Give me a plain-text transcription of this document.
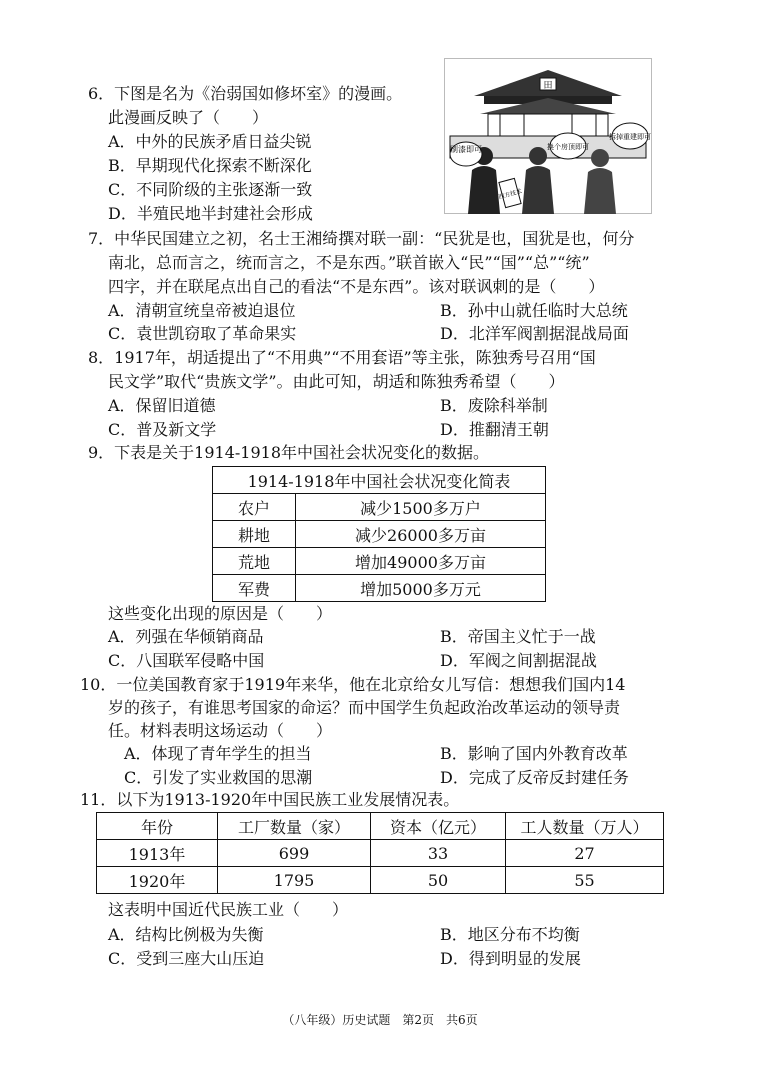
6．下图是名为《治弱国如修坏室》的漫画。
此漫画反映了（　　）
A．中外的民族矛盾日益尖锐
B．早期现代化探索不断深化
C．不同阶级的主张逐渐一致
D．半殖民地半封建社会形成
田
刷漆即可	换个房顶即可
拆掉重建即可
西方技术
7．中华民国建立之初，名士王湘绮撰对联一副：“民犹是也，国犹是也，何分
南北，总而言之，统而言之，不是东西。”联首嵌入“民”“国”“总”“统”
四字，并在联尾点出自己的看法“不是东西”。该对联讽刺的是（　　）
A．清朝宣统皇帝被迫退位	B．孙中山就任临时大总统
C．袁世凯窃取了革命果实	D．北洋军阀割据混战局面
8．1917年，胡适提出了“不用典”“不用套语”等主张，陈独秀号召用“国
民文学”取代“贵族文学”。由此可知，胡适和陈独秀希望（　　）
A．保留旧道德	B．废除科举制
C．普及新文学	D．推翻清王朝
9．下表是关于1914-1918年中国社会状况变化的数据。
1914-1918年中国社会状况变化简表	
农户	减少1500多万户
耕地	减少26000多万亩
荒地	增加49000多万亩
军费	增加5000多万元
这些变化出现的原因是（　　）
A．列强在华倾销商品	B．帝国主义忙于一战
C．八国联军侵略中国	D．军阀之间割据混战
10．一位美国教育家于1919年来华，他在北京给女儿写信：想想我们国内14
岁的孩子，有谁思考国家的命运？而中国学生负起政治改革运动的领导责
任。材料表明这场运动（　　）
A．体现了青年学生的担当	B．影响了国内外教育改革
C．引发了实业救国的思潮	D．完成了反帝反封建任务
11．以下为1913-1920年中国民族工业发展情况表。
年份	工厂数量（家）	资本（亿元）	工人数量（万人）
1913年	699	33	27
1920年	1795	50	55
这表明中国近代民族工业（　　）
A．结构比例极为失衡	B．地区分布不均衡
C．受到三座大山压迫	D．得到明显的发展
（八年级）历史试题　第2页　共6页
